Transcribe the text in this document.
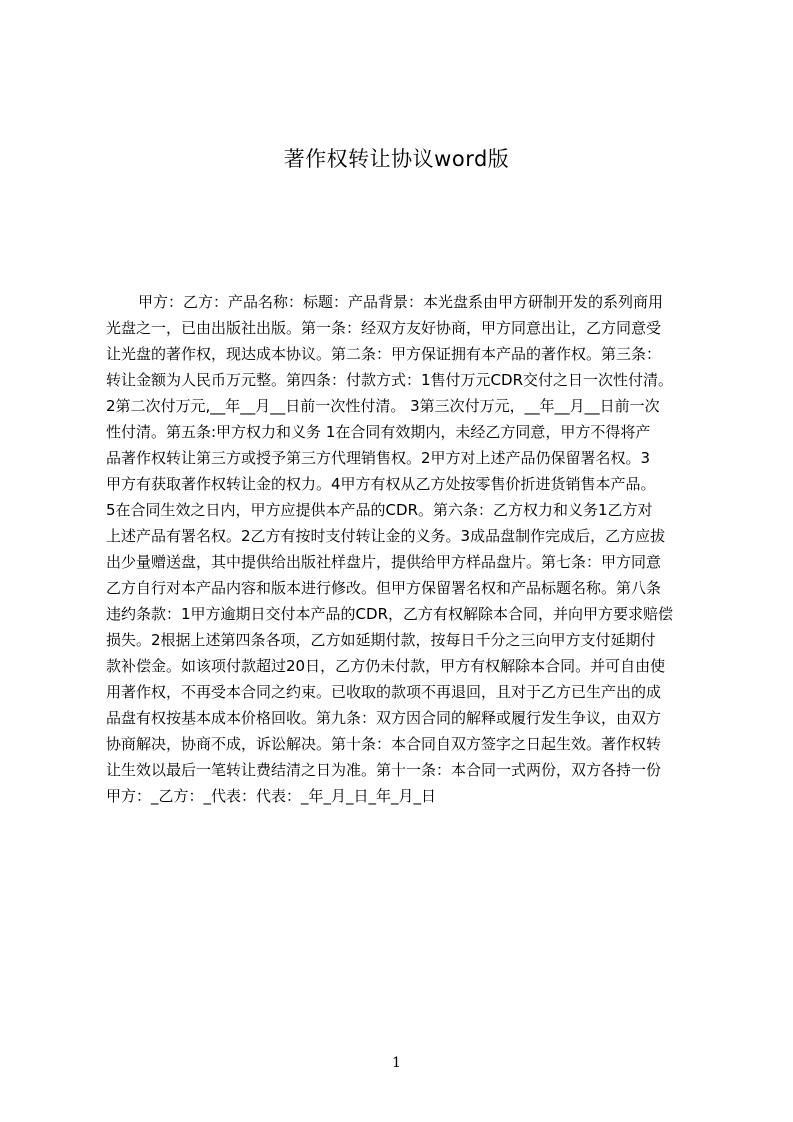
著作权转让协议word版
甲方：乙方：产品名称：标题：产品背景：本光盘系由甲方研制开发的系列商用
光盘之一，已由出版社出版。第一条：经双方友好协商，甲方同意出让，乙方同意受
让光盘的著作权，现达成本协议。第二条：甲方保证拥有本产品的著作权。第三条：
转让金额为人民币万元整。第四条：付款方式：1售付万元CDR交付之日一次性付清。
2第二次付万元,__年__月__日前一次性付清。 3第三次付万元，__年__月__日前一次
性付清。第五条:甲方权力和义务 1在合同有效期内，未经乙方同意，甲方不得将产
品著作权转让第三方或授予第三方代理销售权。2甲方对上述产品仍保留署名权。3
甲方有获取著作权转让金的权力。4甲方有权从乙方处按零售价折进货销售本产品。
5在合同生效之日内，甲方应提供本产品的CDR。第六条：乙方权力和义务1乙方对
上述产品有署名权。2乙方有按时支付转让金的义务。3成品盘制作完成后，乙方应拔
出少量赠送盘，其中提供给出版社样盘片，提供给甲方样品盘片。第七条：甲方同意
乙方自行对本产品内容和版本进行修改。但甲方保留署名权和产品标题名称。第八条
违约条款：1甲方逾期日交付本产品的CDR，乙方有权解除本合同，并向甲方要求赔偿
损失。2根据上述第四条各项，乙方如延期付款，按每日千分之三向甲方支付延期付
款补偿金。如该项付款超过20日，乙方仍未付款，甲方有权解除本合同。并可自由使
用著作权，不再受本合同之约束。已收取的款项不再退回，且对于乙方已生产出的成
品盘有权按基本成本价格回收。第九条：双方因合同的解释或履行发生争议，由双方
协商解决，协商不成，诉讼解决。第十条：本合同自双方签字之日起生效。著作权转
让生效以最后一笔转让费结清之日为准。第十一条：本合同一式两份，双方各持一份
甲方：_乙方：_代表：代表：_年_月_日_年_月_日
1
